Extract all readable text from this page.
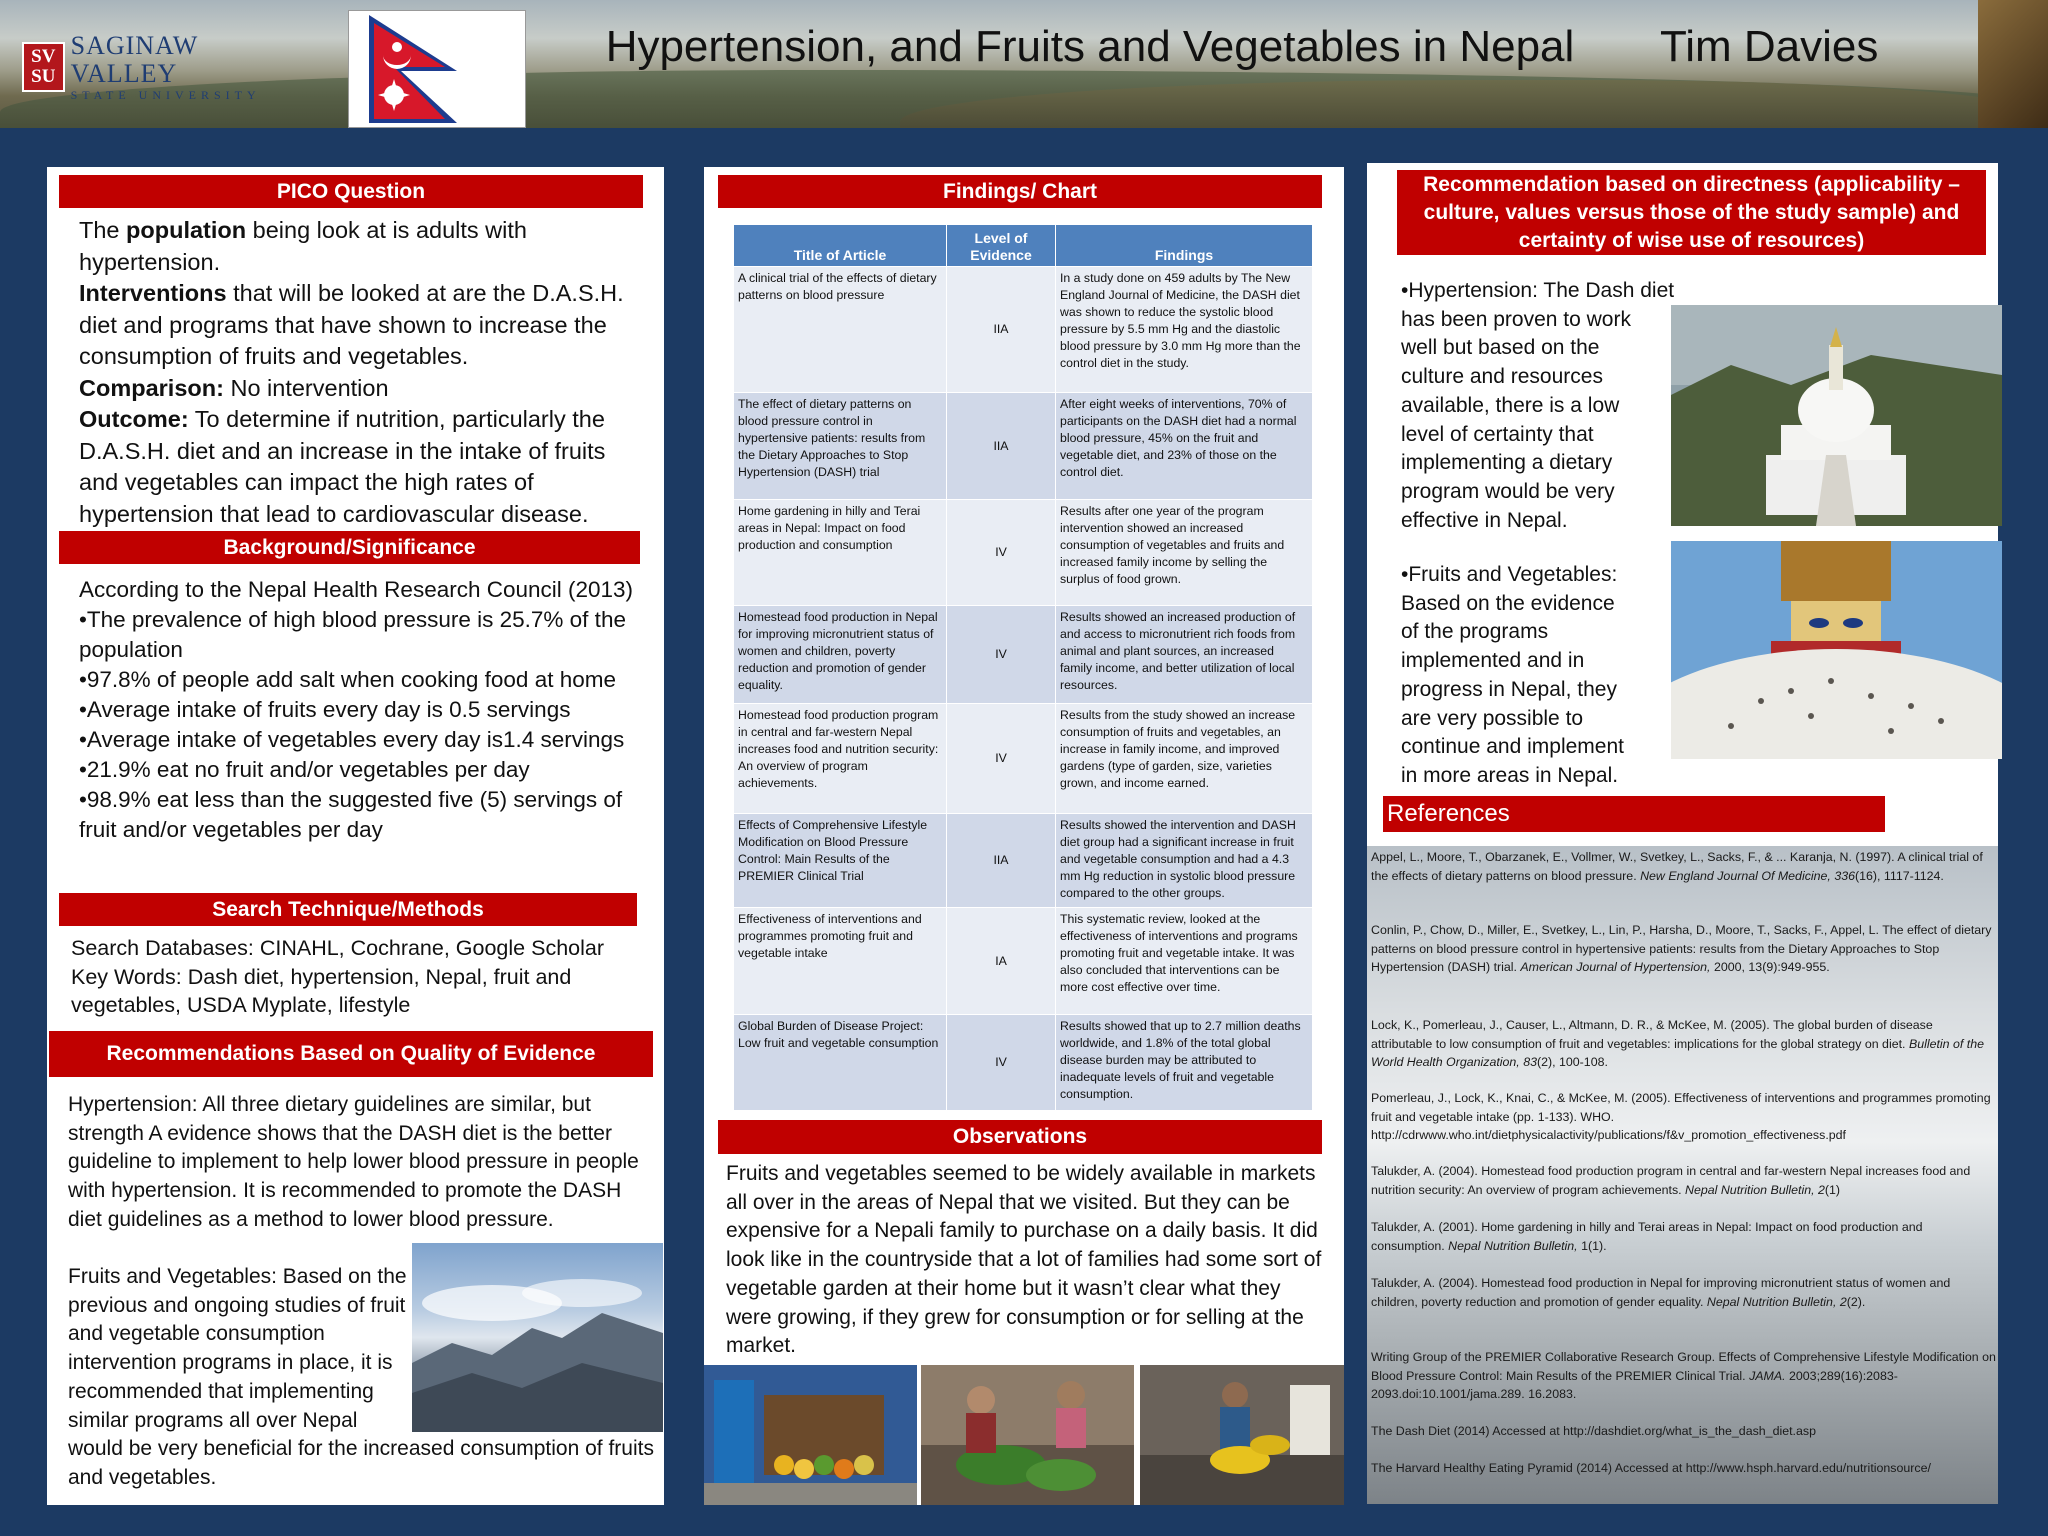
SV
SU
SAGINAW VALLEY
STATE UNIVERSITY
Hypertension, and Fruits and Vegetables in Nepal	Tim Davies
PICO Question
The population being look at is adults with hypertension.
Interventions that will be looked at are the D.A.S.H. diet and programs that have shown to increase the consumption of fruits and vegetables.
Comparison: No intervention
Outcome: To determine if nutrition, particularly the D.A.S.H. diet and an increase in the intake of fruits and vegetables can impact the high rates of hypertension that lead to cardiovascular disease.
Background/Significance

According to the Nepal Health Research Council (2013)

•The prevalence of high blood pressure is 25.7% of the population

•97.8% of people add salt when cooking food at home

•Average intake of fruits every day is 0.5 servings

•Average intake of vegetables every day is1.4 servings

•21.9% eat no fruit and/or vegetables per day

•98.9% eat less than the suggested five (5) servings of fruit and/or vegetables per day

Search Technique/Methods

Search Databases: CINAHL, Cochrane, Google Scholar

Key Words: Dash diet, hypertension, Nepal, fruit and vegetables, USDA Myplate, lifestyle

Recommendations Based on Quality of Evidence
Hypertension: All three dietary guidelines are similar, but strength A evidence shows that the DASH diet is the better guideline to implement to help lower blood pressure in people with hypertension. It is recommended to promote the DASH diet guidelines as a method to lower blood pressure.
Fruits and Vegetables: Based on the previous and ongoing studies of fruit and vegetable consumption intervention programs in place, it is recommended that implementing similar programs all over Nepal
would be very beneficial for the increased consumption of fruits and vegetables.
Findings/ Chart
Title of Article	Level of Evidence	Findings
A clinical trial of the effects of dietary patterns on blood pressure	IIA	In a study done on 459 adults by The New England Journal of Medicine, the DASH diet was shown to reduce the systolic blood pressure by 5.5 mm Hg and the diastolic blood pressure by 3.0 mm Hg more than the control diet in the study.
The effect of dietary patterns on blood pressure control in hypertensive patients: results from the Dietary Approaches to Stop Hypertension (DASH) trial	IIA	After eight weeks of interventions, 70% of participants on the DASH diet had a normal blood pressure, 45% on the fruit and vegetable diet, and 23% of those on the control diet.
Home gardening in hilly and Terai areas in Nepal: Impact on food production and consumption	IV	Results after one year of the program intervention showed an increased consumption of vegetables and fruits and increased family income by selling the surplus of food grown.
Homestead food production in Nepal for improving micronutrient status of women and children, poverty reduction and promotion of gender equality.	IV	Results showed an increased production of and access to micronutrient rich foods from animal and plant sources, an increased family income, and better utilization of local resources.
Homestead food production program in central and far-western Nepal increases food and nutrition security: An overview of program achievements.	IV	Results from the study showed an increase consumption of fruits and vegetables, an increase in family income, and improved gardens (type of garden, size, varieties grown, and income earned.
Effects of Comprehensive Lifestyle Modification on Blood Pressure Control: Main Results of the PREMIER Clinical Trial	IIA	Results showed the intervention and DASH diet group had a significant increase in fruit and vegetable consumption and had a 4.3 mm Hg reduction in systolic blood pressure compared to the other groups.
Effectiveness of interventions and programmes promoting fruit and vegetable intake	IA	This systematic review, looked at the effectiveness of interventions and programs promoting fruit and vegetable intake. It was also concluded that interventions can be more cost effective over time.
Global Burden of Disease Project: Low fruit and vegetable consumption	IV	Results showed that up to 2.7 million deaths worldwide, and 1.8% of the total global disease burden may be attributed to inadequate levels of fruit and vegetable consumption.
Observations
Fruits and vegetables seemed to be widely available in markets all over in the areas of Nepal that we visited. But they can be expensive for a Nepali family to purchase on a daily basis. It did look like in the countryside that a lot of families had some sort of vegetable garden at their home but it wasn’t clear what they were growing, if they grew for consumption or for selling at the market.
Recommendation based on directness (applicability – culture, values versus those of the study sample) and certainty of wise use of resources)

•Hypertension: The Dash diet

has been proven to work

well but based on the

culture and resources

available, there is a low

level of certainty that

implementing a dietary

program would be very

effective in Nepal.

•Fruits and Vegetables:

Based on the evidence

of the programs

implemented and in

progress in Nepal, they

are very possible to

continue and implement

in more areas in Nepal.

References
Appel, L., Moore, T., Obarzanek, E., Vollmer, W., Svetkey, L., Sacks, F., & ... Karanja, N. (1997). A clinical trial of the effects of dietary patterns on blood pressure. New England Journal Of Medicine, 336(16), 1117-1124.
Conlin, P., Chow, D., Miller, E., Svetkey, L., Lin, P., Harsha, D., Moore, T., Sacks, F., Appel, L. The effect of dietary patterns on blood pressure control in hypertensive patients: results from the Dietary Approaches to Stop Hypertension (DASH) trial. American Journal of Hypertension, 2000, 13(9):949-955.
Lock, K., Pomerleau, J., Causer, L., Altmann, D. R., & McKee, M. (2005). The global burden of disease attributable to low consumption of fruit and vegetables: implications for the global strategy on diet. Bulletin of the World Health Organization, 83(2), 100-108.
Pomerleau, J., Lock, K., Knai, C., & McKee, M. (2005). Effectiveness of interventions and programmes promoting fruit and vegetable intake (pp. 1-133). WHO. http://cdrwww.who.int/dietphysicalactivity/publications/f&v_promotion_effectiveness.pdf
Talukder, A. (2004). Homestead food production program in central and far-western Nepal increases food and nutrition security: An overview of program achievements. Nepal Nutrition Bulletin, 2(1)
Talukder, A. (2001). Home gardening in hilly and Terai areas in Nepal: Impact on food production and consumption. Nepal Nutrition Bulletin, 1(1).
Talukder, A. (2004). Homestead food production in Nepal for improving micronutrient status of women and children, poverty reduction and promotion of gender equality. Nepal Nutrition Bulletin, 2(2).
Writing Group of the PREMIER Collaborative Research Group. Effects of Comprehensive Lifestyle Modification on Blood Pressure Control: Main Results of the PREMIER Clinical Trial. JAMA. 2003;289(16):2083-2093.doi:10.1001/jama.289. 16.2083.
The Dash Diet (2014) Accessed at http://dashdiet.org/what_is_the_dash_diet.asp
The Harvard Healthy Eating Pyramid (2014) Accessed at http://www.hsph.harvard.edu/nutritionsource/
